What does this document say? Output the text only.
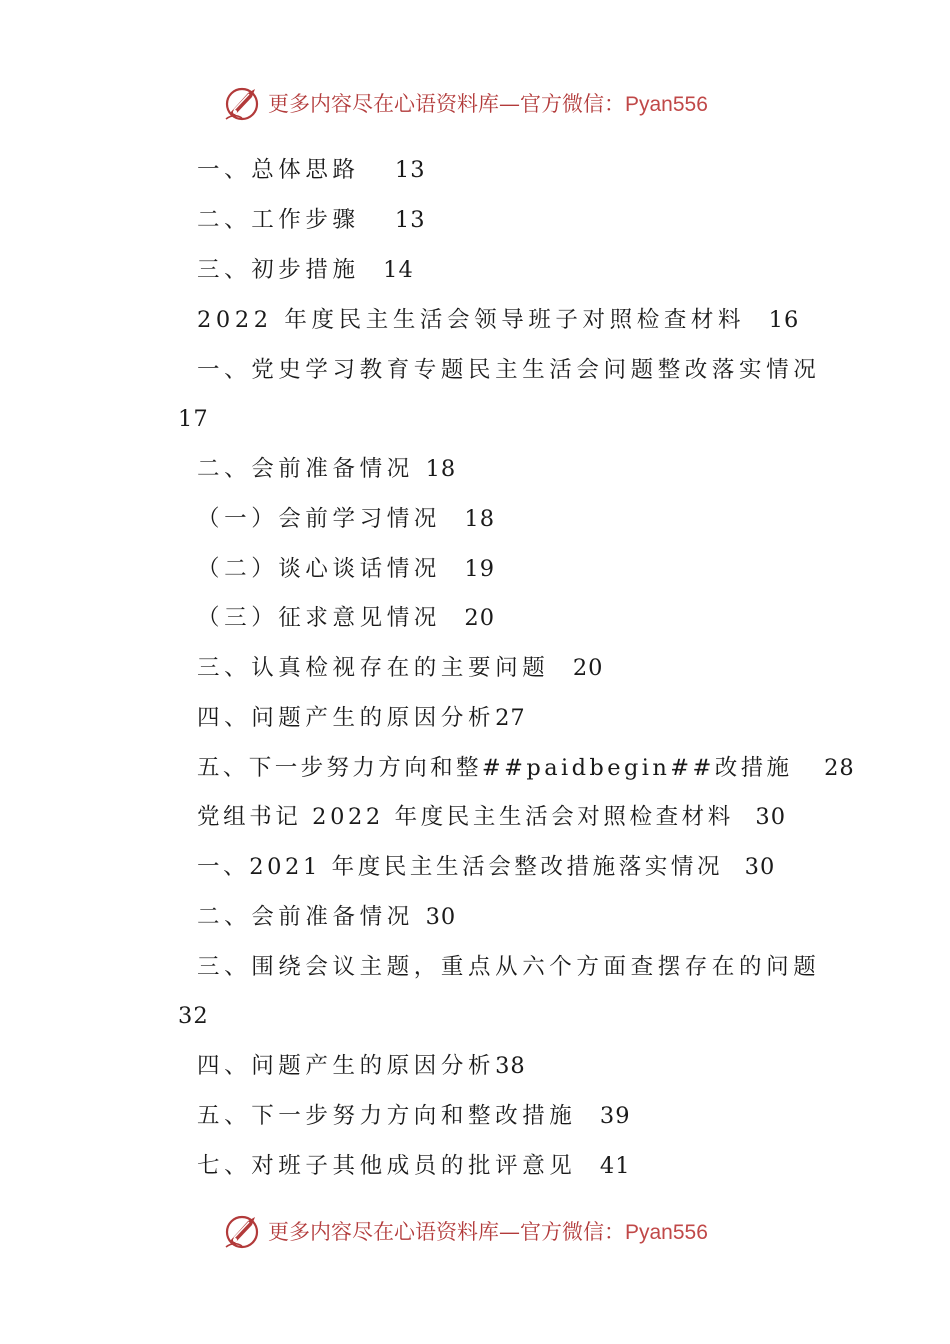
更多内容尽在心语资料库—官方微信：Pyan556
一、总体思路 13
二、工作步骤 13
三、初步措施 14
2022 年度民主生活会领导班子对照检查材料 16
一、党史学习教育专题民主生活会问题整改落实情况
17
二、会前准备情况 18
（一）会前学习情况 18
（二）谈心谈话情况 19
（三）征求意见情况 20
三、认真检视存在的主要问题 20
四、问题产生的原因分析27
五、下一步努力方向和整##paidbegin##改措施 28
党组书记 2022 年度民主生活会对照检查材料 30
一、2021 年度民主生活会整改措施落实情况 30
二、会前准备情况 30
三、围绕会议主题，重点从六个方面查摆存在的问题
32
四、问题产生的原因分析38
五、下一步努力方向和整改措施 39
七、对班子其他成员的批评意见 41
更多内容尽在心语资料库—官方微信：Pyan556
